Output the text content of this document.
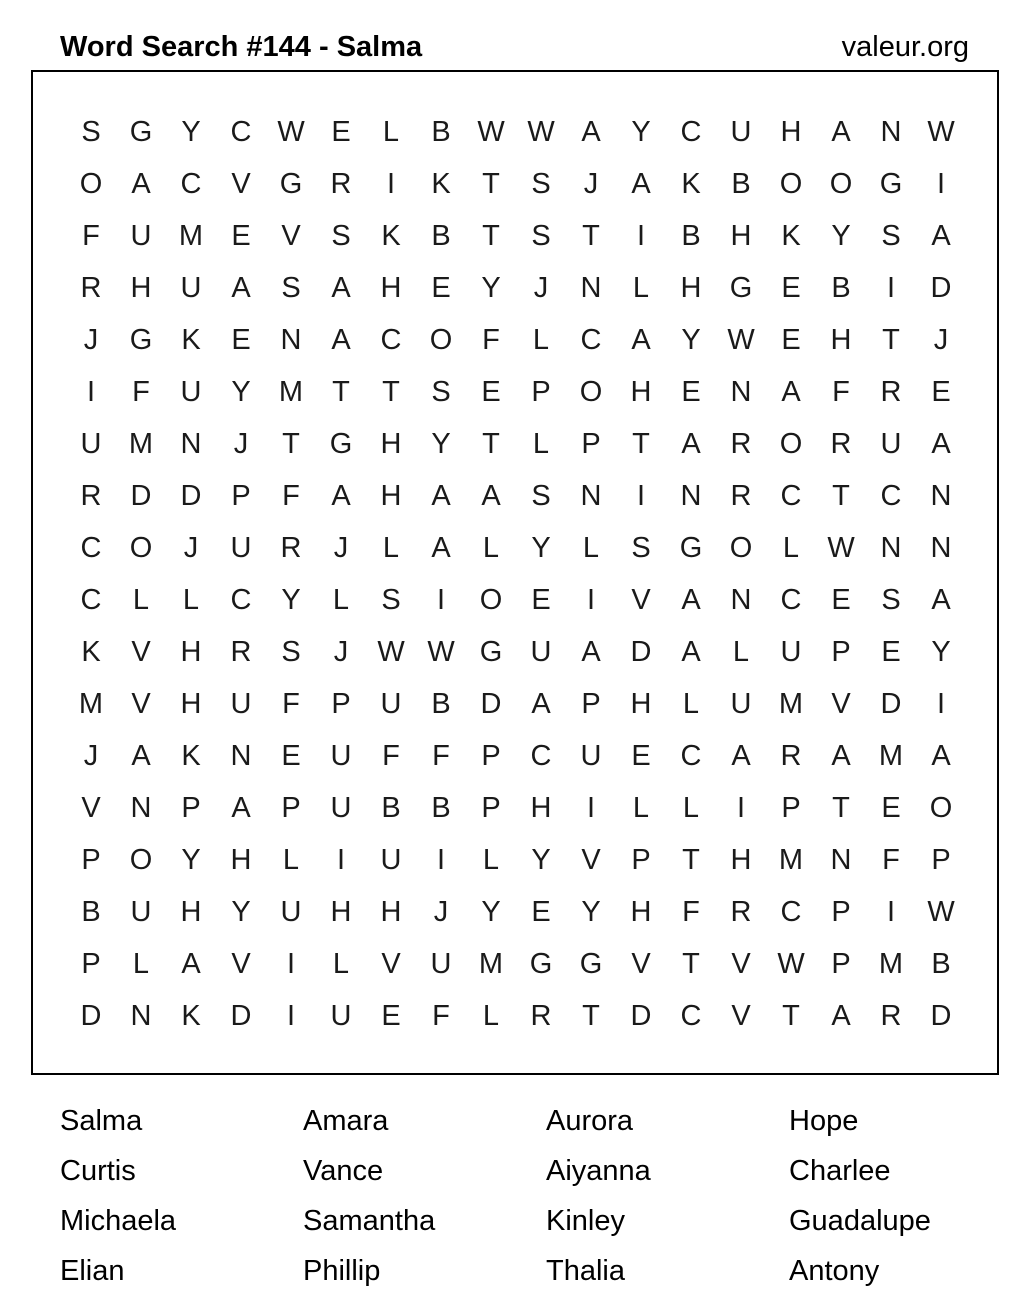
Word Search #144 - Salma	valeur.org
S	G	Y	C W E	L	B W W A	Y	C	U	H	A	N W
O	A	C	V	G R	I	K	T	S	J	A	K	B	O O G	I
F	U M E	V	S	K	B	T	S	T	I	B	H	K	Y	S	A
R	H	U	A	S	A	H	E	Y	J	N	L	H G	E	B	I	D
J	G	K	E	N	A	C O	F	L	C	A	Y W E	H	T	J
I	F	U	Y M	T	T	S	E	P	O H	E	N	A	F	R	E
U M N	J	T	G H	Y	T	L	P	T	A	R O R	U	A
R	D	D	P	F	A	H	A	A	S	N	I	N	R	C	T	C	N
C O	J	U	R	J	L	A	L	Y	L	S	G O	L W N	N
C	L	L	C	Y	L	S	I	O	E	I	V	A	N	C	E	S	A
K	V	H	R	S	J	W W G U	A	D	A	L	U	P	E	Y
M V	H	U	F	P	U	B	D	A	P	H	L	U M V	D	I
J	A	K	N	E	U	F	F	P	C	U	E	C	A	R	A M A
V	N	P	A	P	U	B	B	P	H	I	L	L	I	P	T	E	O
P	O	Y	H	L	I	U	I	L	Y	V	P	T	H M N	F	P
B	U	H	Y	U	H	H	J	Y	E	Y	H	F	R	C	P	I	W
P	L	A	V	I	L	V	U M G G	V	T	V W P M B
D	N	K	D	I	U	E	F	L	R	T	D	C	V	T	A	R	D
Salma	Amara	Aurora	Hope
Curtis	Vance	Aiyanna	Charlee
Michaela	Samantha	Kinley	Guadalupe
Elian	Phillip	Thalia	Antony
